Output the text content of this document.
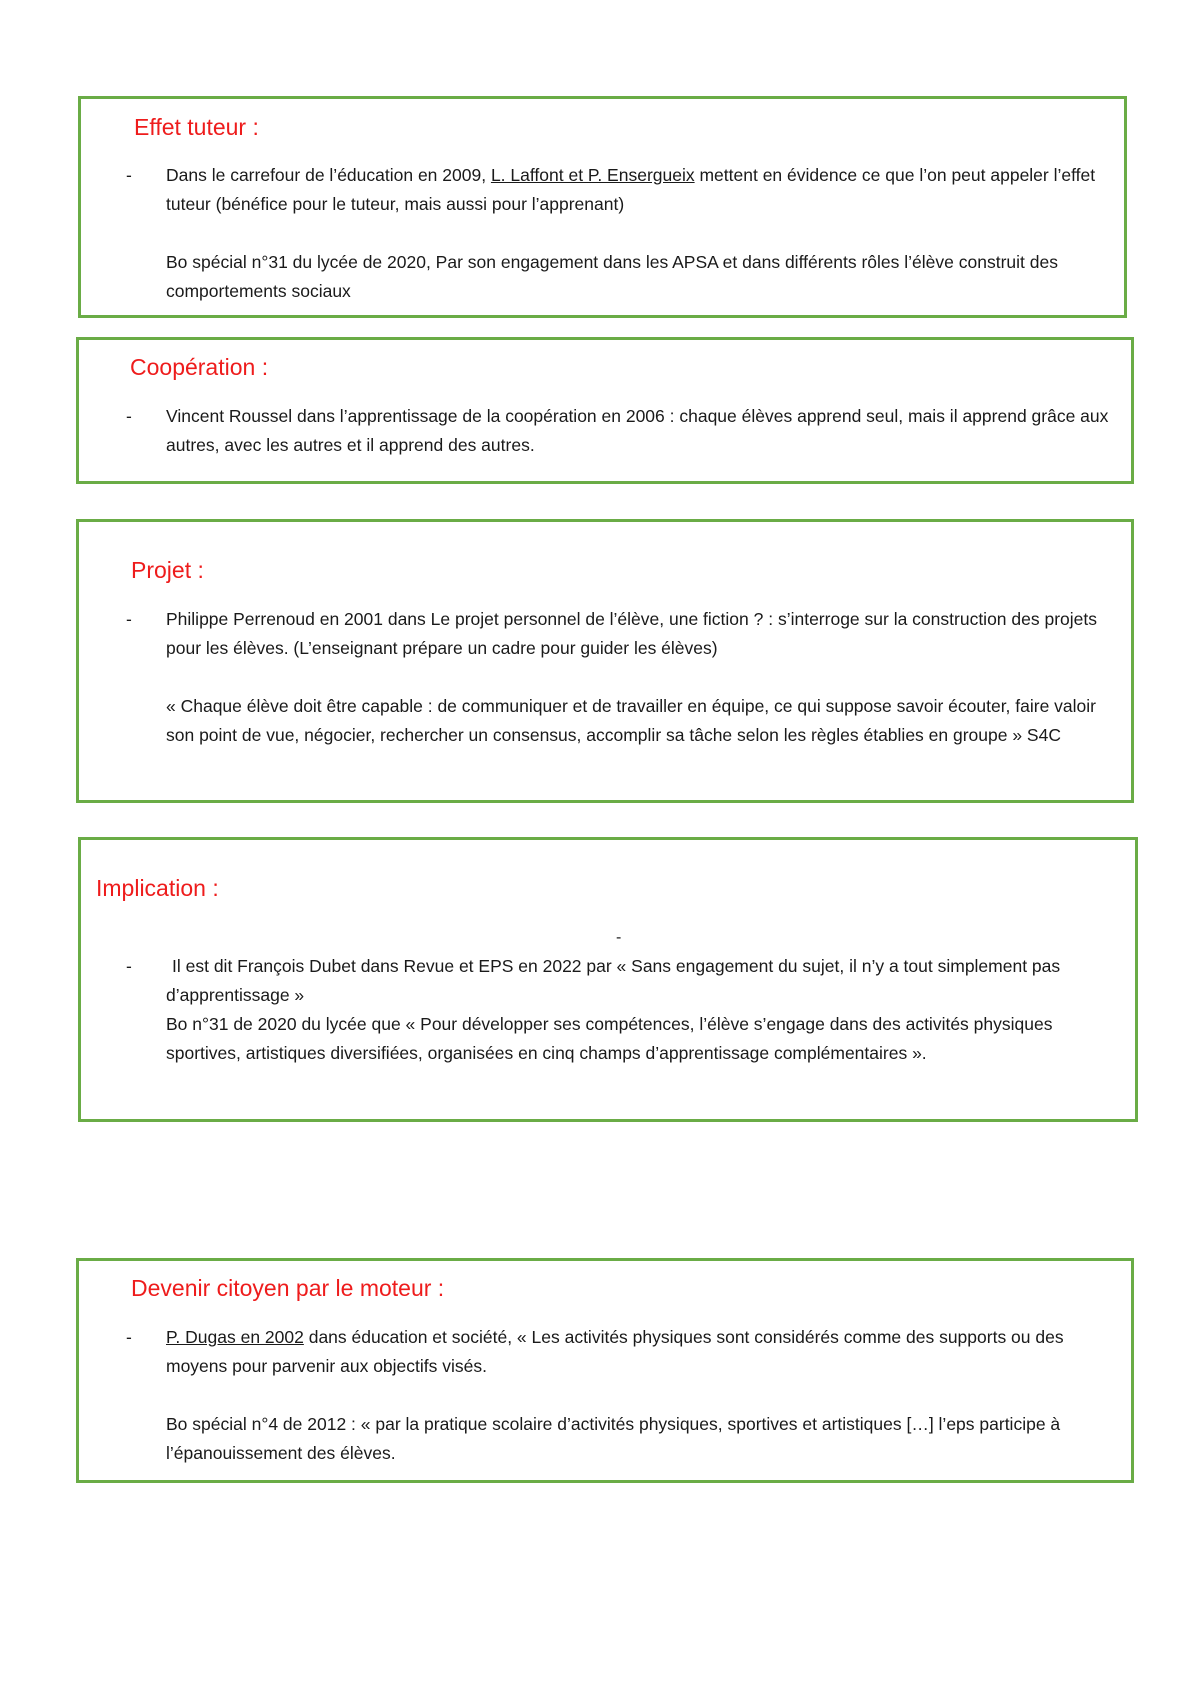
Effet tuteur :
- Dans le carrefour de l’éducation en 2009, L. Laffont et P. Ensergueix mettent en évidence ce que l’on peut appeler l’effet tuteur (bénéfice pour le tuteur, mais aussi pour l’apprenant)
Bo spécial n°31 du lycée de 2020, Par son engagement dans les APSA et dans différents rôles l’élève construit des comportements sociaux
Coopération :
- Vincent Roussel dans l’apprentissage de la coopération en 2006 : chaque élèves apprend seul, mais il apprend grâce aux autres, avec les autres et il apprend des autres.
Projet :
- Philippe Perrenoud en 2001 dans Le projet personnel de l’élève, une fiction ? : s’interroge sur la construction des projets pour les élèves. (L’enseignant prépare un cadre pour guider les élèves)
« Chaque élève doit être capable : de communiquer et de travailler en équipe, ce qui suppose savoir écouter, faire valoir son point de vue, négocier, rechercher un consensus, accomplir sa tâche selon les règles établies en groupe » S4C
Implication :
-
-	Il est dit François Dubet dans Revue et EPS en 2022 par « Sans engagement du sujet, il n’y a tout simplement pas d’apprentissage »
Bo n°31 de 2020 du lycée que « Pour développer ses compétences, l’élève s’engage dans des activités physiques sportives, artistiques diversifiées, organisées en cinq champs d’apprentissage complémentaires ».
Devenir citoyen par le moteur :
- P. Dugas en 2002 dans éducation et société, « Les activités physiques sont considérés comme des supports ou des moyens pour parvenir aux objectifs visés.
Bo spécial n°4 de 2012 : « par la pratique scolaire d’activités physiques, sportives et artistiques […] l’eps participe à l’épanouissement des élèves.
